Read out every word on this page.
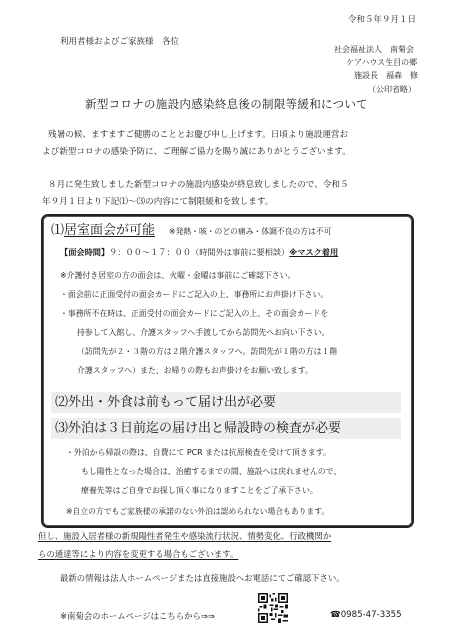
令和５年９月１日
利用者様およびご家族様　各位
社会福祉法人　南菊会
ケアハウス生目の郷
施設長　福森　修
（公印省略）
新型コロナの施設内感染終息後の制限等緩和について
残暑の候、ますますご健勝のこととお慶び申し上げます。日頃より施設運営お
よび新型コロナの感染予防に、ご理解ご協力を賜り誠にありがとうございます。
８月に発生致しました新型コロナの施設内感染が終息致しましたので、令和５
年９月１日より下記⑴〜⑶の内容にて制限緩和を致します。
⑴居室面会が可能 ※発熱・咳・のどの痛み・体調不良の方は不可
【面会時間】９：００〜１７：００（時間外は事前に要相談）※マスク着用
※介護付き居室の方の面会は、火曜・金曜は事前にご確認下さい。
・面会前に正面受付の面会カードにご記入の上、事務所にお声掛け下さい。
・事務所不在時は、正面受付の面会カードにご記入の上、その面会カードを
持参して入館し、介護スタッフへ手渡してから訪問先へお向い下さい。
（訪問先が２・３階の方は２階介護スタッフへ。訪問先が１階の方は１階
介護スタッフへ）また、お帰りの際もお声掛けをお願い致します。
⑵外出・外食は前もって届け出が必要
⑶外泊は３日前迄の届け出と帰設時の検査が必要
・外泊から帰設の際は、自費にて PCR または抗原検査を受けて頂きます。
もし陽性となった場合は、治癒するまでの間、施設へは戻れませんので、
療養先等はご自身でお探し頂く事になりますことをご了承下さい。
※自立の方でもご家族様の承諾のない外泊は認められない場合もあります。
但し、施設入居者様の新規陽性者発生や感染流行状況、情勢変化、行政機関か
らの通達等により内容を変更する場合もございます。
最新の情報は法人ホームページまたは直接施設へお電話にてご確認下さい。
※南菊会のホームページはこちらから⇒⇒	☎0985-47-3355
